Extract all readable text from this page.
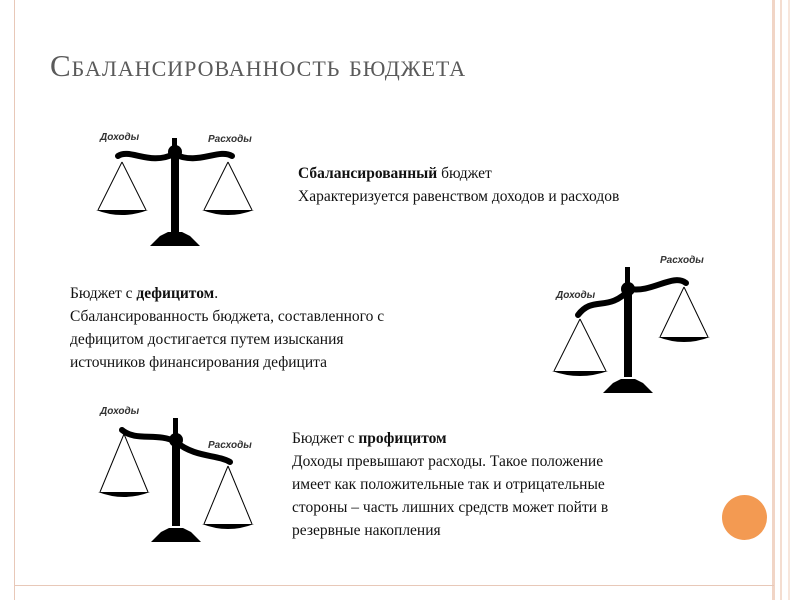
Сбалансированность бюджета
Доходы	Расходы
Доходы
Расходы
Доходы
Расходы
Сбалансированный бюджет
Характеризуется равенством доходов и расходов
Бюджет с дефицитом.
Сбалансированность бюджета, составленного с
дефицитом достигается путем изыскания
источников финансирования дефицита
Бюджет с профицитом
Доходы превышают расходы. Такое положение
имеет как положительные так и отрицательные
стороны – часть лишних средств может пойти в
резервные накопления
